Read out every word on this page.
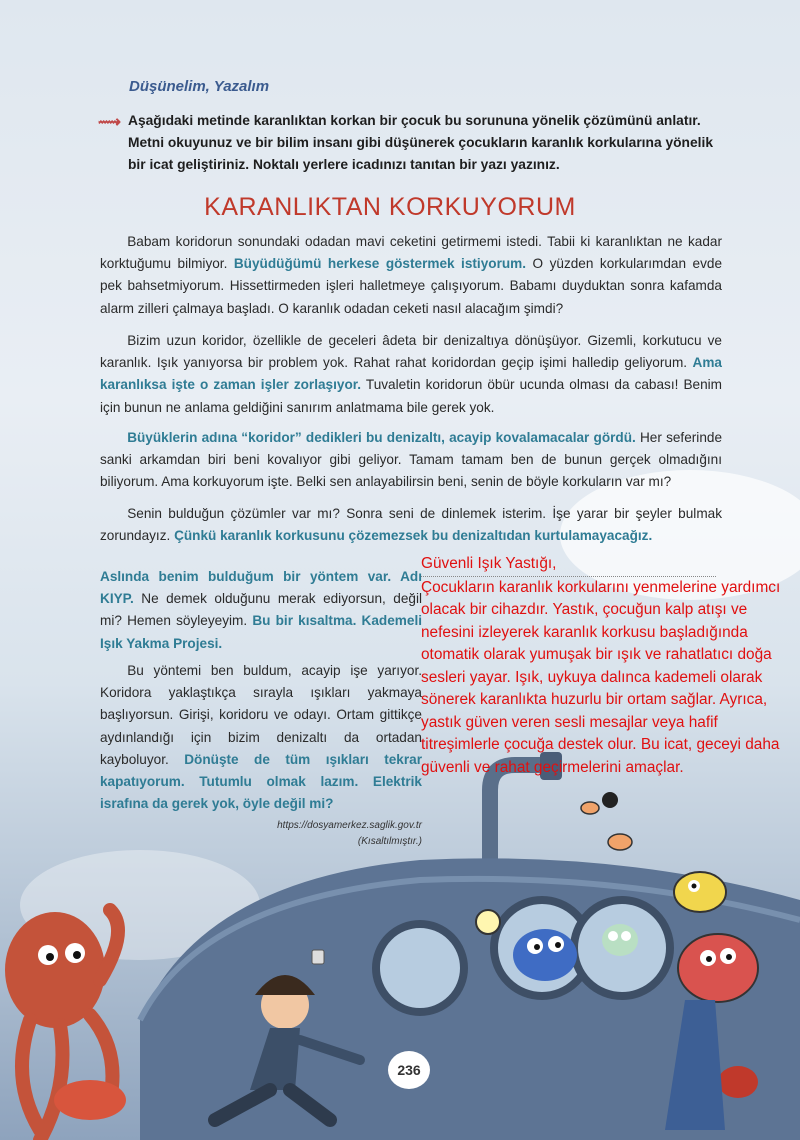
Düşünelim, Yazalım
⟿ Aşağıdaki metinde karanlıktan korkan bir çocuk bu sorununa yönelik çözümünü anlatır. Metni okuyunuz ve bir bilim insanı gibi düşünerek çocukların karanlık korkularına yönelik bir icat geliştiriniz. Noktalı yerlere icadınızı tanıtan bir yazı yazınız.
KARANLIKTAN KORKUYORUM

  Babam koridorun sonundaki odadan mavi ceketini getirmemi istedi. Tabii ki karanlıktan ne kadar korktuğumu bilmiyor. Büyüdüğümü herkese göstermek istiyorum. O yüzden korkularımdan evde pek bahsetmiyorum. Hissettirmeden işleri halletmeye çalışıyorum. Babamı duyduktan sonra kafamda alarm zilleri çalmaya başladı. O karanlık odadan ceketi nasıl alacağım şimdi?

  Bizim uzun koridor, özellikle de geceleri âdeta bir denizaltıya dönüşüyor. Gizemli, korkutucu ve karanlık. Işık yanıyorsa bir problem yok. Rahat rahat koridordan geçip işimi halledip geliyorum. Ama karanlıksa işte o zaman işler zorlaşıyor. Tuvaletin koridorun öbür ucunda olması da cabası! Benim için bunun ne anlama geldiğini sanırım anlatmama bile gerek yok.

  Büyüklerin adına “koridor” dedikleri bu denizaltı, acayip kovalamacalar gördü. Her seferinde sanki arkamdan biri beni kovalıyor gibi geliyor. Tamam tamam ben de bunun gerçek olmadığını biliyorum. Ama korkuyorum işte. Belki sen anlayabilirsin beni, senin de böyle korkuların var mı?

  Senin bulduğun çözümler var mı? Sonra seni de dinlemek isterim. İşe yarar bir şeyler bulmak zorundayız. Çünkü karanlık korkusunu çözemezsek bu denizaltıdan kurtulamayacağız.

Aslında benim bulduğum bir yöntem var. Adı KIYP. Ne demek olduğunu merak ediyorsun, değil mi? Hemen söyleyeyim. Bu bir kısaltma. Kademeli Işık Yakma Projesi.
  Bu yöntemi ben buldum, acayip işe yarıyor. Koridora yaklaştıkça sırayla ışıkları yakmaya başlıyorsun. Girişi, koridoru ve odayı. Ortam gittikçe aydınlandığı için bizim denizaltı da ortadan kayboluyor. Dönüşte de tüm ışıkları tekrar kapatıyorum. Tutumlu olmak lazım. Elektrik israfına da gerek yok, öyle değil mi?
https://dosyamerkez.saglik.gov.tr
(Kısaltılmıştır.)
Güvenli Işık Yastığı,
Çocukların karanlık korkularını yenmelerine yardımcı olacak bir cihazdır. Yastık, çocuğun kalp atışı ve nefesini izleyerek karanlık korkusu başladığında otomatik olarak yumuşak bir ışık ve rahatlatıcı doğa sesleri yayar. Işık, uykuya dalınca kademeli olarak sönerek karanlıkta huzurlu bir ortam sağlar. Ayrıca, yastık güven veren sesli mesajlar veya hafif titreşimlerle çocuğa destek olur. Bu icat, geceyi daha güvenli ve rahat geçirmelerini amaçlar.
236
